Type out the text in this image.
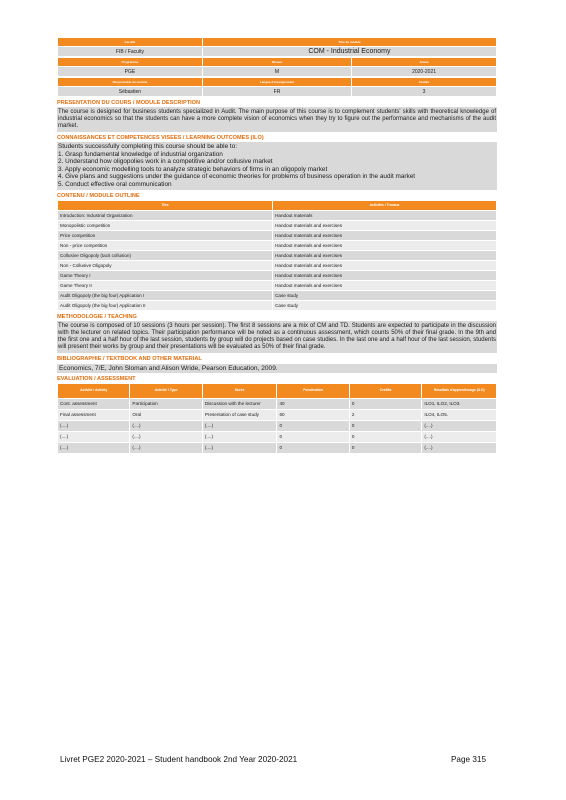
Faculté	Titre du module
FIB / Faculty	COM - Industrial Economy
Programme	Niveau	Année
PGE	M	2020-2021
Responsable du module	Langue d'enseignement	Crédits
Sébastien	FR	3
PRESENTATION DU COURS / MODULE DESCRIPTION
The course is designed for business students specialized in Audit. The main purpose of this course is to complement students' skills with theoretical knowledge of industrial economics so that the students can have a more complete vision of economics when they try to figure out the performance and mechanisms of the audit market.
CONNAISSANCES ET COMPETENCES VISEES / LEARNING OUTCOMES (ILO)
Students successfully completing this course should be able to:
1. Grasp fundamental knowledge of industrial organization
2. Understand how oligopolies work in a competitive and/or collusive market
3. Apply economic modelling tools to analyze strategic behaviors of firms in an oligopoly market
4. Give plans and suggestions under the guidance of economic theories for problems of business operation in the audit market
5. Conduct effective oral communication
CONTENU / MODULE OUTLINE
Titre	Activités / Travaux
Introduction: Industrial Organization	Handout materials
Monopolistic competition	Handout materials and exercises
Price competition	Handout materials and exercises
Non - price competition	Handout materials and exercises
Collusive Oligopoly (tacit collusion)	Handout materials and exercises
Non - Collusive Oligopoly	Handout materials and exercises
Game Theory I	Handout materials and exercises
Game Theory II	Handout materials and exercises
Audit Oligopoly (the big four) Application I	Case study
Audit Oligopoly (the big four) Application II	Case study
METHODOLOGIE / TEACHING
The course is composed of 10 sessions (3 hours per session). The first 8 sessions are a mix of CM and TD. Students are expected to participate in the discussion with the lecturer on related topics. Their participation performance will be noted as a continuous assessment, which counts 50% of their final grade. In the 9th and the first one and a half hour of the last session, students by group will do projects based on case studies. In the last one and a half hour of the last session, students will present their works by group and their presentations will be evaluated as 50% of their final grade.
BIBLIOGRAPHIE / TEXTBOOK AND OTHER MATERIAL
Economics, 7/E, John Sloman and Alison Wride, Pearson Education, 2009.
EVALUATION / ASSESSMENT
Activité / Activity	Activité / Type	Durée	Pondération	Crédits	Résultats d'apprentissage (ILO)
Cont. assessment	Participation	Discussion with the lecturer	40	0	ILO1, ILO2, ILO3.
Final assessment	Oral	Presentation of case study	60	2	ILO4, ILO5.
(....)	(....)	(....)	0	0	(....)
(....)	(....)	(....)	0	0	(....)
(....)	(....)	(....)	0	0	(....)
Livret PGE2 2020-2021 – Student handbook 2nd Year 2020-2021	Page 315
